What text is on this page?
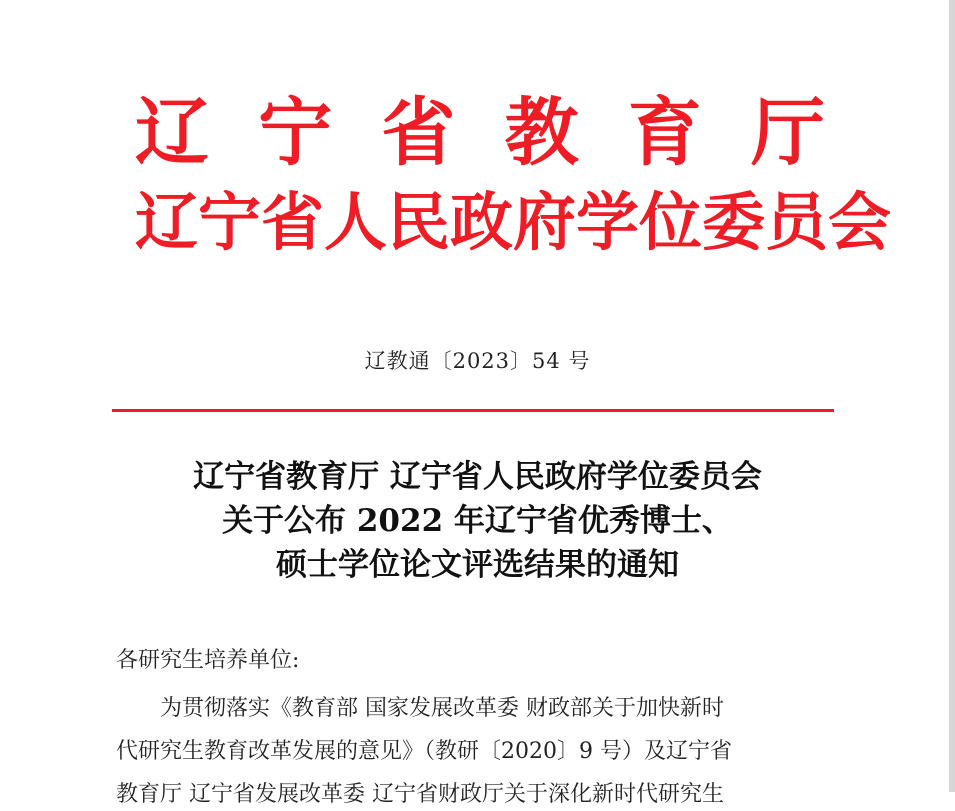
辽 宁 省 教 育 厅
辽 宁 省 人 民 政 府 学 位 委 员 会
辽教通〔2023〕54 号
辽宁省教育厅 辽宁省人民政府学位委员会
关于公布 2022 年辽宁省优秀博士、
硕士学位论文评选结果的通知
各研究生培养单位:
为贯彻落实《教育部 国家发展改革委 财政部关于加快新时
代研究生教育改革发展的意见》（教研〔2020〕9 号）及辽宁省
教育厅 辽宁省发展改革委 辽宁省财政厅关于深化新时代研究生
